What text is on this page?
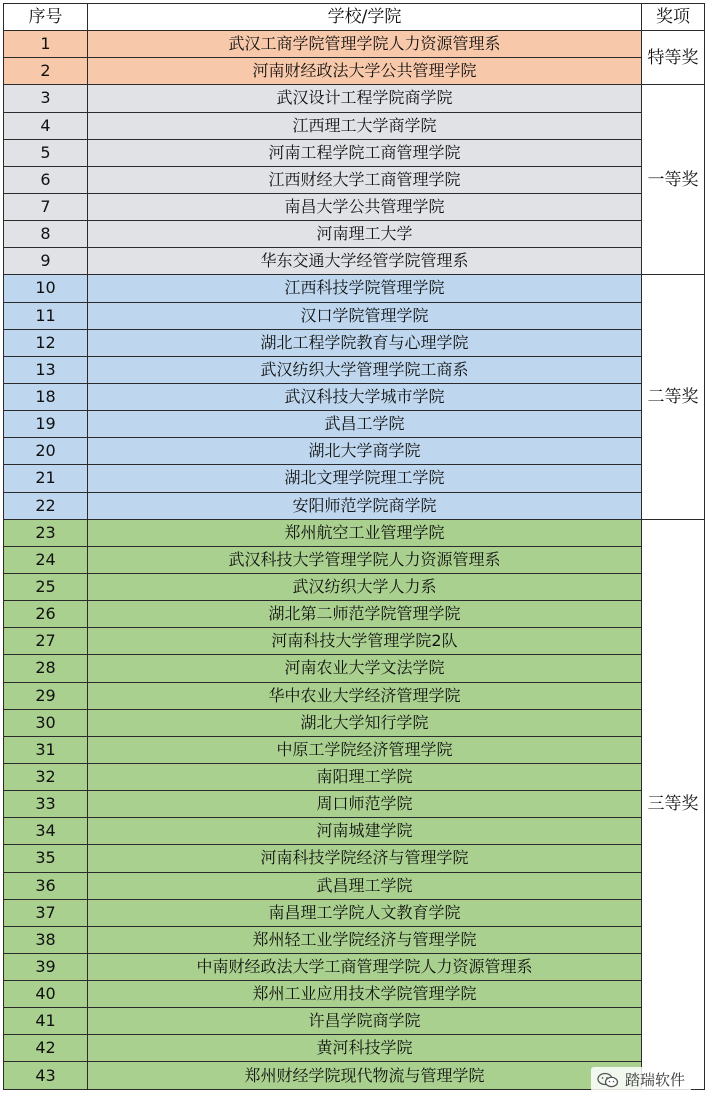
序号	学校/学院	奖项
1	武汉工商学院管理学院人力资源管理系	特等奖
2	河南财经政法大学公共管理学院	
3	武汉设计工程学院商学院	一等奖
4	江西理工大学商学院	
5	河南工程学院工商管理学院	
6	江西财经大学工商管理学院	
7	南昌大学公共管理学院	
8	河南理工大学	
9	华东交通大学经管学院管理系	
10	江西科技学院管理学院	二等奖
11	汉口学院管理学院	
12	湖北工程学院教育与心理学院	
13	武汉纺织大学管理学院工商系	
18	武汉科技大学城市学院	
19	武昌工学院	
20	湖北大学商学院	
21	湖北文理学院理工学院	
22	安阳师范学院商学院	
23	郑州航空工业管理学院	三等奖
24	武汉科技大学管理学院人力资源管理系	
25	武汉纺织大学人力系	
26	湖北第二师范学院管理学院	
27	河南科技大学管理学院2队	
28	河南农业大学文法学院	
29	华中农业大学经济管理学院	
30	湖北大学知行学院	
31	中原工学院经济管理学院	
32	南阳理工学院	
33	周口师范学院	
34	河南城建学院	
35	河南科技学院经济与管理学院	
36	武昌理工学院	
37	南昌理工学院人文教育学院	
38	郑州轻工业学院经济与管理学院	
39	中南财经政法大学工商管理学院人力资源管理系	
40	郑州工业应用技术学院管理学院	
41	许昌学院商学院	
42	黄河科技学院	
43	郑州财经学院现代物流与管理学院		踏瑞软件
